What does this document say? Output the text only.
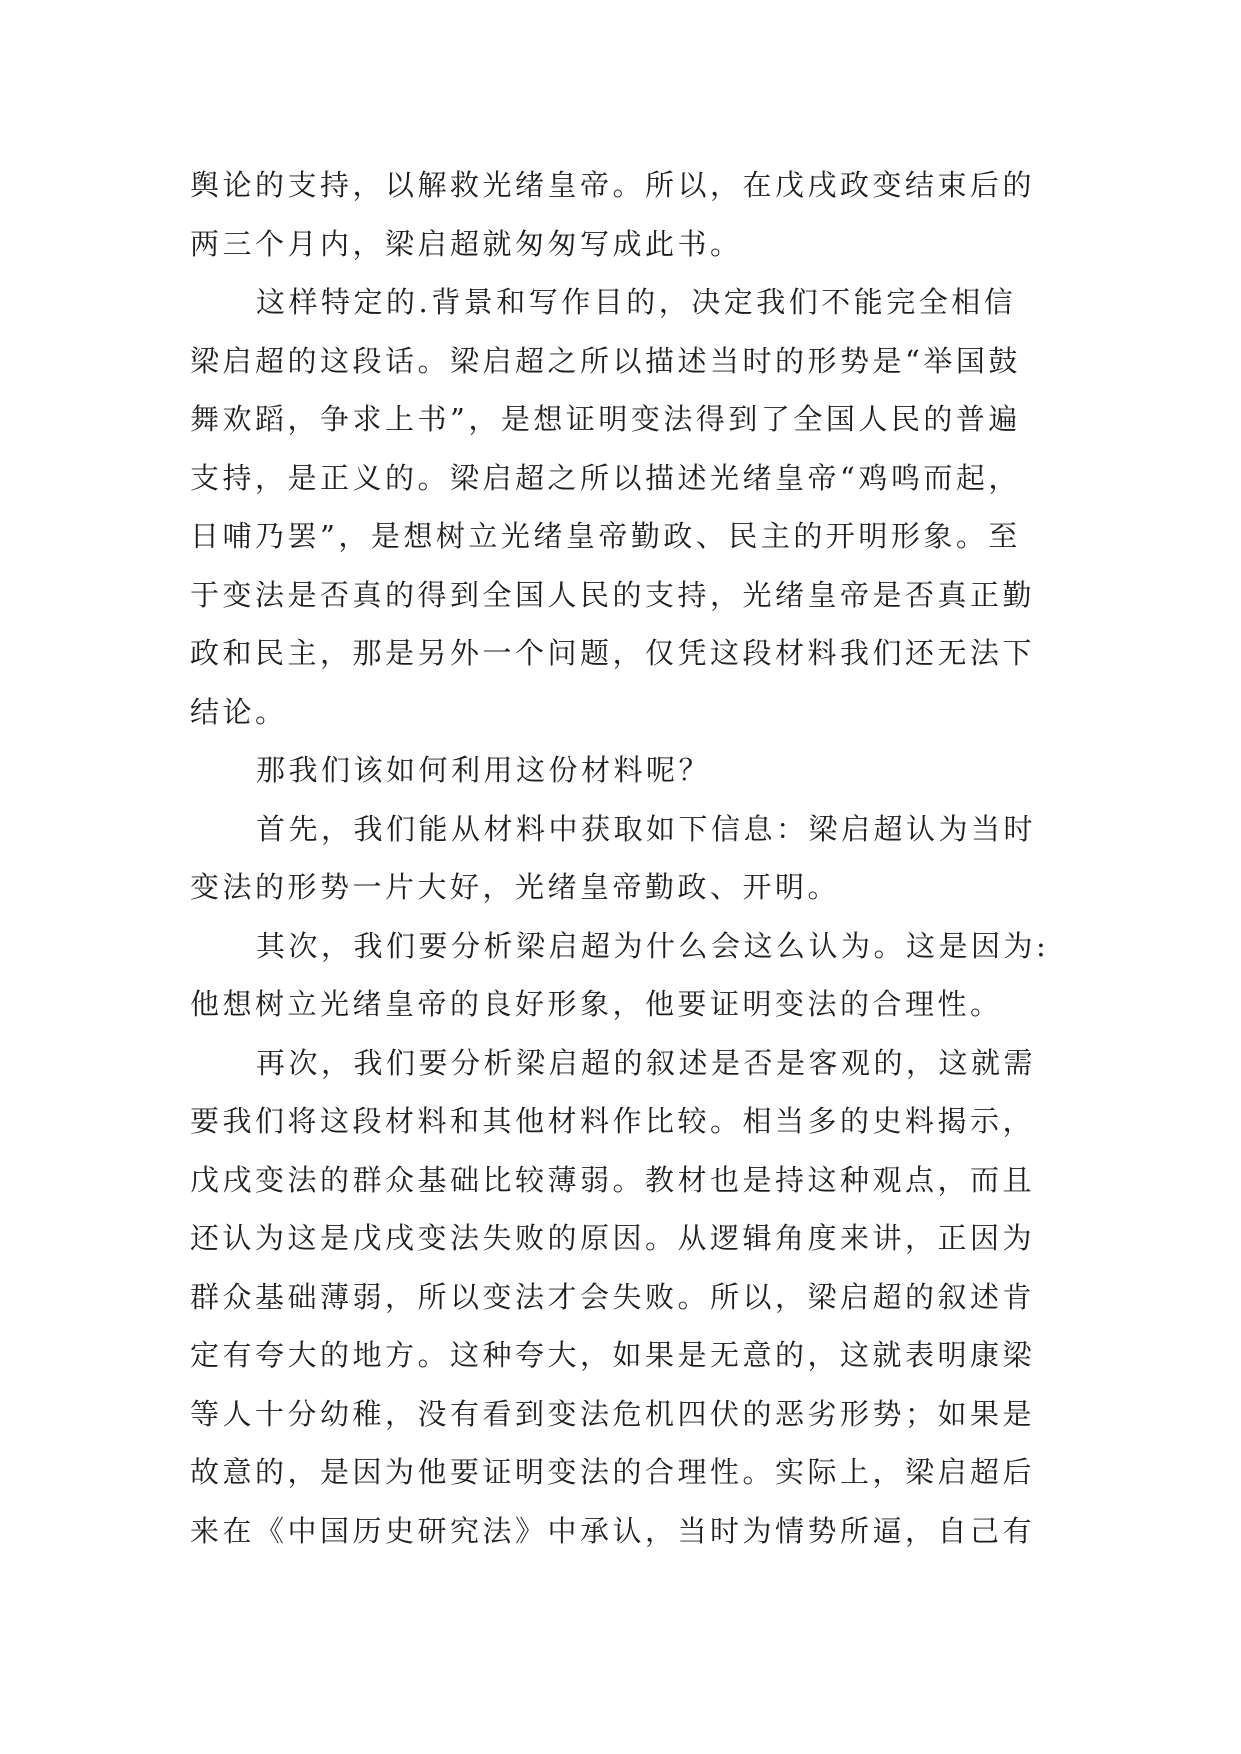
舆论的支持，以解救光绪皇帝。所以，在戊戌政变结束后的
两三个月内，梁启超就匆匆写成此书。
这样特定的.背景和写作目的，决定我们不能完全相信
梁启超的这段话。梁启超之所以描述当时的形势是“举国鼓
舞欢蹈，争求上书”，是想证明变法得到了全国人民的普遍
支持，是正义的。梁启超之所以描述光绪皇帝“鸡鸣而起，
日哺乃罢”，是想树立光绪皇帝勤政、民主的开明形象。至
于变法是否真的得到全国人民的支持，光绪皇帝是否真正勤
政和民主，那是另外一个问题，仅凭这段材料我们还无法下
结论。
那我们该如何利用这份材料呢？
首先，我们能从材料中获取如下信息：梁启超认为当时
变法的形势一片大好，光绪皇帝勤政、开明。
其次，我们要分析梁启超为什么会这么认为。这是因为:
他想树立光绪皇帝的良好形象，他要证明变法的合理性。
再次，我们要分析梁启超的叙述是否是客观的，这就需
要我们将这段材料和其他材料作比较。相当多的史料揭示，
戊戌变法的群众基础比较薄弱。教材也是持这种观点，而且
还认为这是戊戌变法失败的原因。从逻辑角度来讲，正因为
群众基础薄弱，所以变法才会失败。所以，梁启超的叙述肯
定有夸大的地方。这种夸大，如果是无意的，这就表明康梁
等人十分幼稚，没有看到变法危机四伏的恶劣形势；如果是
故意的，是因为他要证明变法的合理性。实际上，梁启超后
来在《中国历史研究法》中承认，当时为情势所逼，自己有
